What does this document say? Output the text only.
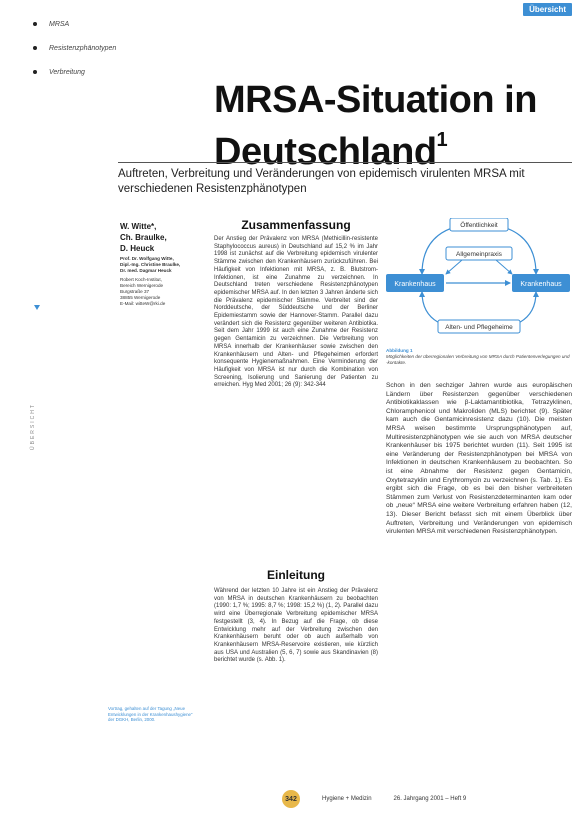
Übersicht
MRSA
Resistenzphänotypen
Verbreitung
MRSA-Situation in Deutschland$^1$
Auftreten, Verbreitung und Veränderungen von epidemisch virulenten MRSA mit verschiedenen Resistenzphänotypen
W. Witte*,
Ch. Braulke,
D. Heuck
Prof. Dr. Wolfgang Witte,
Dipl.-Ing. Christine Braulke,
Dr. med. Dagmar Heuck
Robert Koch-Institut,
Bereich Wernigerode
Burgstraße 37
38855 Wernigerode
E-Mail: witteW@rki.de
ÜBERSICHT
Zusammenfassung
Der Anstieg der Prävalenz von MRSA (Methicillin-resistente Staphylococcus aureus) in Deutschland auf 15,2 % im Jahr 1998 ist zunächst auf die Verbreitung epidemisch virulenter Stämme zwischen den Krankenhäusern zurückzuführen. Bei Häufigkeit von Infektionen mit MRSA, z. B. Blutstrom-Infektionen, ist eine Zunahme zu verzeichnen. In Deutschland treten verschiedene Resistenzphänotypen epidemischer MRSA auf. In den letzten 3 Jahren änderte sich die Prävalenz epidemischer Stämme. Verbreitet sind der Norddeutsche, der Süddeutsche und der Berliner Epidemiestamm sowie der Hannover-Stamm. Parallel dazu verändert sich die Resistenz gegenüber weiteren Antibiotika. Seit dem Jahr 1999 ist auch eine Zunahme der Resistenz gegen Gentamicin zu verzeichnen. Die Verbreitung von MRSA innerhalb der Krankenhäuser sowie zwischen den Krankenhäusern und Alten- und Pflegeheimen erfordert konsequente Hygienemaßnahmen. Eine Verminderung der Häufigkeit von MRSA ist nur durch die Kombination von Screening, Isolierung und Sanierung der Patienten zu erreichen. Hyg Med 2001; 26 (9): 342-344
Einleitung
Während der letzten 10 Jahre ist ein Anstieg der Prävalenz von MRSA in deutschen Krankenhäusern zu beobachten (1990: 1,7 %; 1995: 8,7 %; 1998: 15,2 %) (1, 2). Parallel dazu wird eine Überregionale Verbreitung epidemischer MRSA festgestellt (3, 4). In Bezug auf die Frage, ob diese Entwicklung mehr auf der Verbreitung zwischen den Krankenhäusern beruht oder ob auch außerhalb von Krankenhäusern MRSA-Reservoire existieren, wie kürzlich aus USA und Australien (5, 6, 7) sowie aus Skandinavien (8) berichtet wurde (s. Abb. 1).
Vortrag, gehalten auf der Tagung „Neue Entwicklungen in der Krankenhaushygiene“ der DGKH, Berlin, 2000.
Öffentlichkeit
Allgemeinpraxis
Krankenhaus	Krankenhaus
Alten- und Pflegeheime
Abbildung 1
Möglichkeiten der überregionalen Verbreitung von MRSA durch Patientenverlegungen und -kontakte.
Schon in den sechziger Jahren wurde aus europäischen Ländern über Resistenzen gegenüber verschiedenen Antibiotikaklassen wie β-Laktamantibiotika, Tetrazyklinen, Chloramphenicol und Makroliden (MLS) berichtet (9). Später kam auch die Gentamicinresistenz dazu (10). Die meisten MRSA weisen bestimmte Ursprungsphänotypen auf, Multiresistenzphänotypen wie sie auch von MRSA deutscher Krankenhäuser bis 1975 berichtet wurden (11). Seit 1995 ist eine Veränderung der Resistenzphänotypen bei MRSA von Infektionen in deutschen Krankenhäusern zu beobachten. So ist eine Abnahme der Resistenz gegen Gentamicin, Oxytetrazyklin und Erythromycin zu verzeichnen (s. Tab. 1). Es ergibt sich die Frage, ob es bei den bisher verbreiteten Stämmen zum Verlust von Resistenzdeterminanten kam oder ob „neue“ MRSA eine weitere Verbreitung erfahren haben (12, 13). Dieser Bericht befasst sich mit einem Überblick über Auftreten, Verbreitung und Veränderungen von epidemisch virulenten MRSA mit verschiedenen Resistenzphänotypen.
342	Hygiene + Medizin	26. Jahrgang 2001 – Heft 9
